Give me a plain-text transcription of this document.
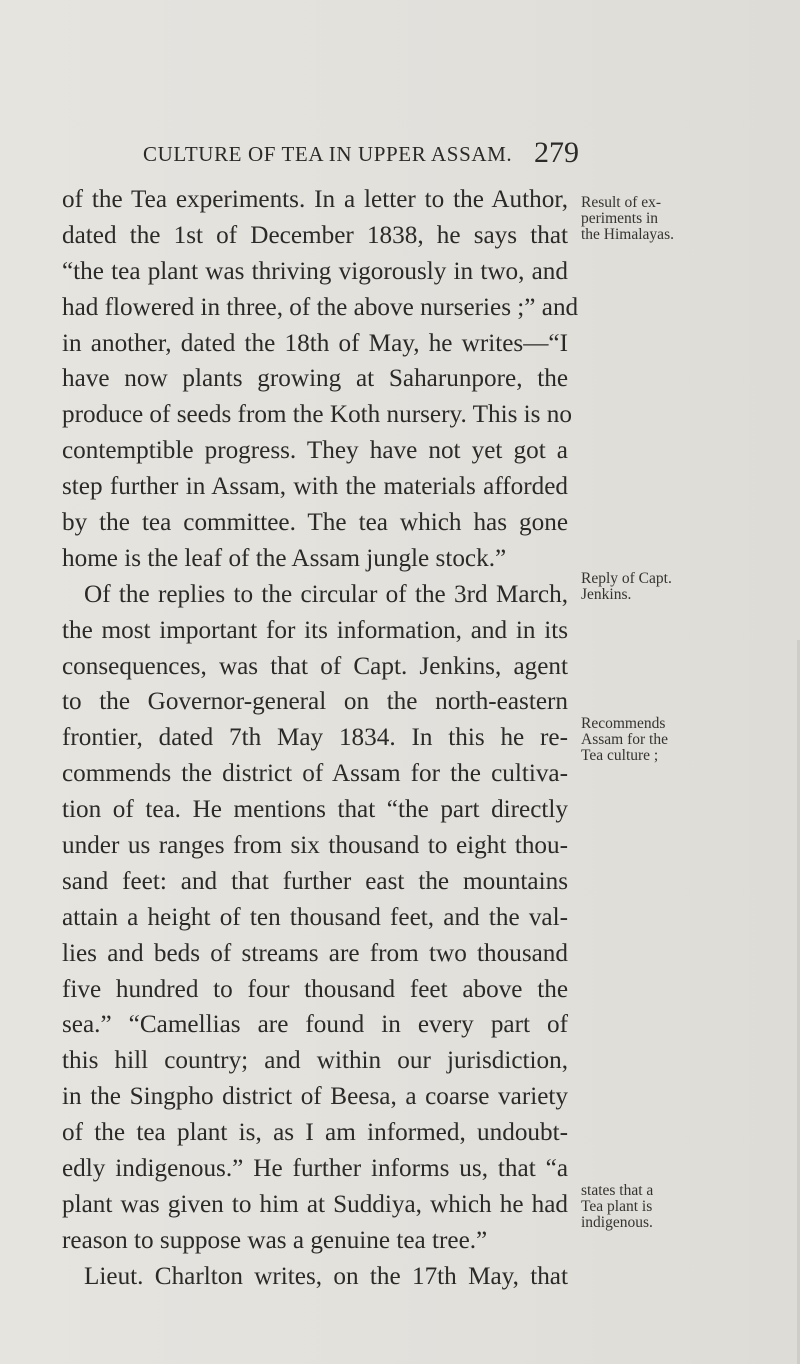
CULTURE OF TEA IN UPPER ASSAM. 279
of the Tea experiments. In a letter to the Author,
dated the 1st of December 1838, he says that
“the tea plant was thriving vigorously in two, and
had flowered in three, of the above nurseries ;” and
in another, dated the 18th of May, he writes—“I
have now plants growing at Saharunpore, the
produce of seeds from the Koth nursery. This is no
contemptible progress. They have not yet got a
step further in Assam, with the materials afforded
by the tea committee. The tea which has gone
home is the leaf of the Assam jungle stock.”
Of the replies to the circular of the 3rd March,
the most important for its information, and in its
consequences, was that of Capt. Jenkins, agent
to the Governor-general on the north-eastern
frontier, dated 7th May 1834. In this he re-
commends the district of Assam for the cultiva-
tion of tea. He mentions that “the part directly
under us ranges from six thousand to eight thou-
sand feet: and that further east the mountains
attain a height of ten thousand feet, and the val-
lies and beds of streams are from two thousand
five hundred to four thousand feet above the
sea.” “Camellias are found in every part of
this hill country; and within our jurisdiction,
in the Singpho district of Beesa, a coarse variety
of the tea plant is, as I am informed, undoubt-
edly indigenous.” He further informs us, that “a
plant was given to him at Suddiya, which he had
reason to suppose was a genuine tea tree.”
Lieut. Charlton writes, on the 17th May, that
Result of ex-
periments in
the Himalayas.
Reply of Capt.
Jenkins.
Recommends
Assam for the
Tea culture ;
states that a
Tea plant is
indigenous.
